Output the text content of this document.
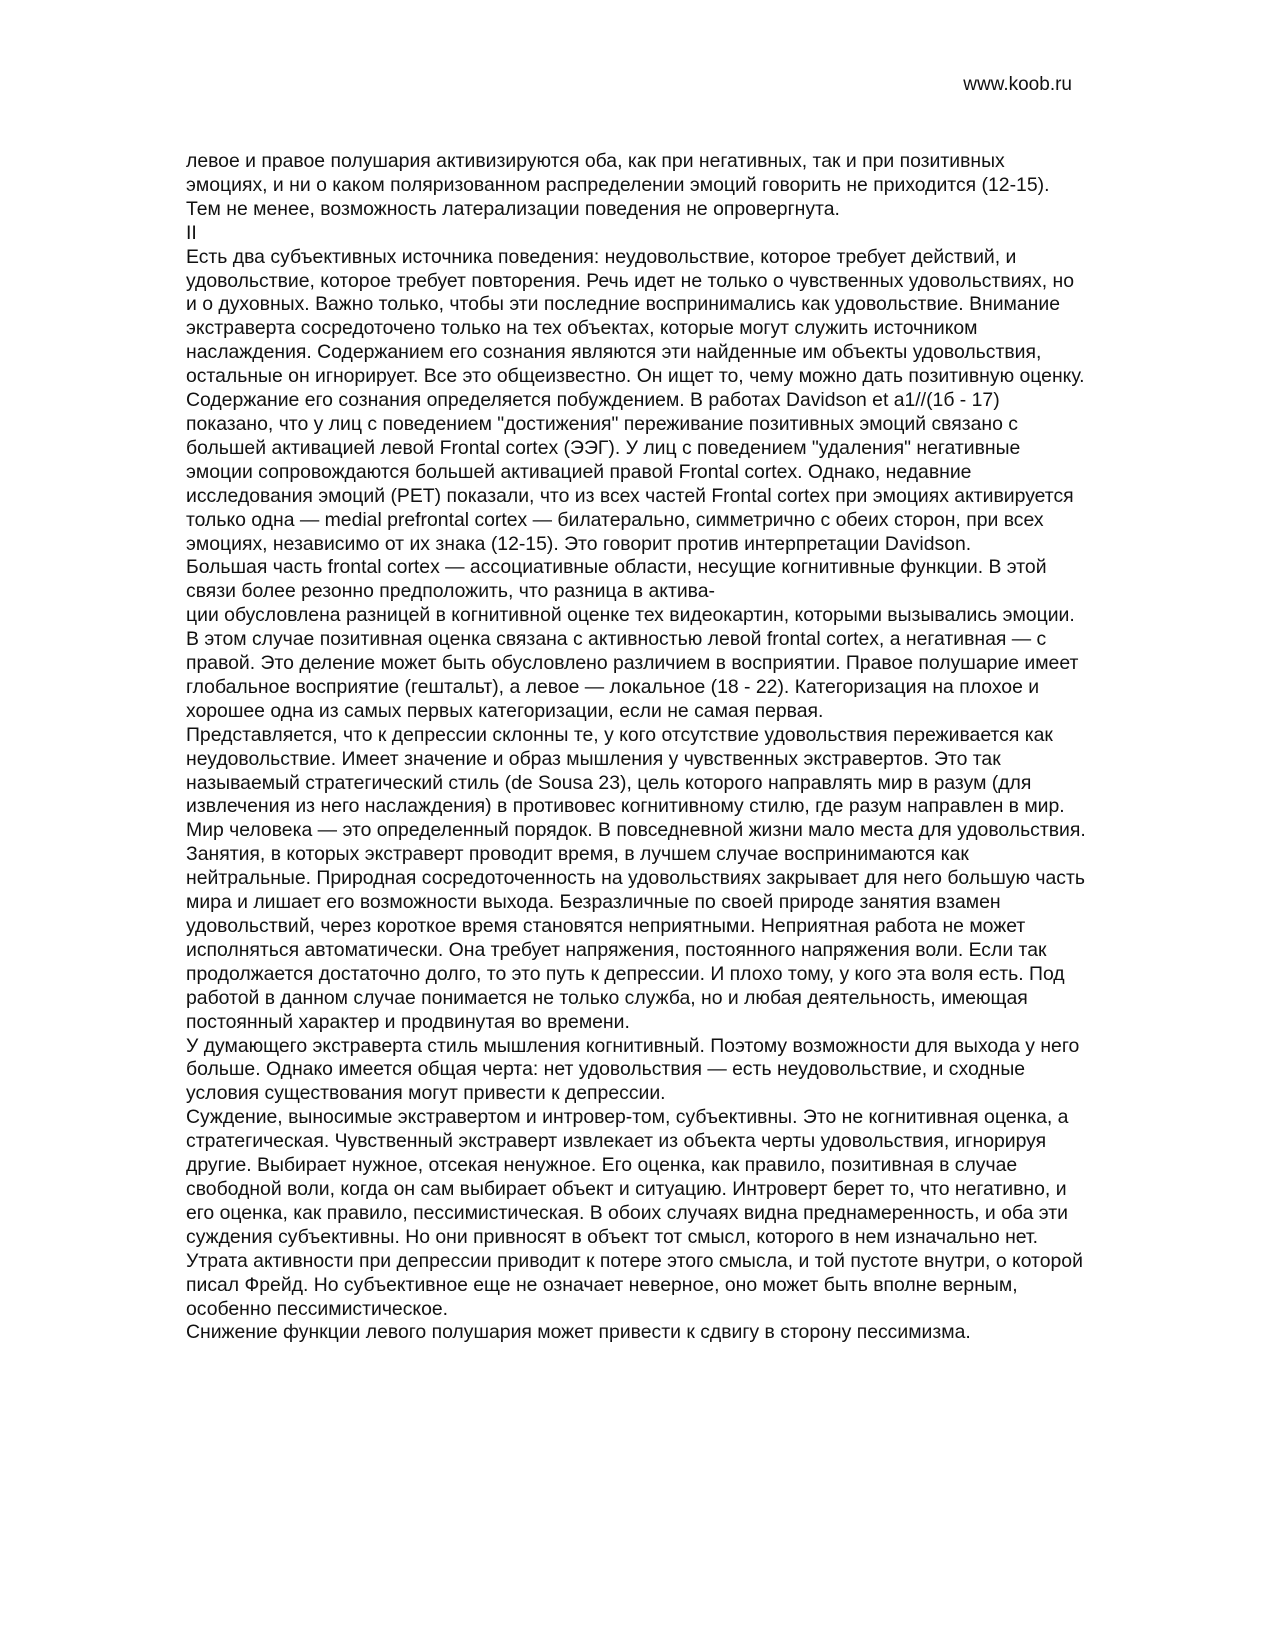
www.koob.ru

левое и правое полушария активизируются оба, как при негативных, так и при позитивных эмоциях, и ни о каком поляризованном распределении эмоций говорить не приходится (12-15).

Тем не менее, возможность латерализации поведения не опровергнута.

II

Есть два субъективных источника поведения: неудовольствие, которое требует действий, и удовольствие, которое требует повторения. Речь идет не только о чувственных удовольствиях, но и о духовных. Важно только, чтобы эти последние воспринимались как удовольствие. Внимание экстраверта сосредоточено только на тех объектах, которые могут служить источником наслаждения. Содержанием его сознания являются эти найденные им объекты удовольствия, остальные он игнорирует. Все это общеизвестно. Он ищет то, чему можно дать позитивную оценку. Содержание его сознания определяется побуждением. В работах Davidson et a1//(1б - 17) показано, что у лиц с поведением "достижения" переживание позитивных эмоций связано с большей активацией левой Frontal cortex (ЭЭГ). У лиц с поведением "удаления" негативные эмоции сопровождаются большей активацией правой Frontal cortex. Однако, недавние исследования эмоций (PET) показали, что из всех частей Frontal cortex при эмоциях активируется только одна — medial prefrontal cortex — билатерально, симметрично с обеих сторон, при всех эмоциях, независимо от их знака (12-15). Это говорит против интерпретации Davidson.

Большая часть frontal cortex — ассоциативные области, несущие когнитивные функции. В этой связи более резонно предположить, что разница в актива-

ции обусловлена разницей в когнитивной оценке тех видеокартин, которыми вызывались эмоции. В этом случае позитивная оценка связана с активностью левой frontal cortex, а негативная — с правой. Это деление может быть обусловлено различием в восприятии. Правое полушарие имеет глобальное восприятие (гештальт), а левое — локальное (18 - 22). Категоризация на плохое и хорошее одна из самых первых категоризации, если не самая первая.

Представляется, что к депрессии склонны те, у кого отсутствие удовольствия переживается как неудовольствие. Имеет значение и образ мышления у чувственных экстравертов. Это так называемый стратегический стиль (de Sousa 23), цель которого направлять мир в разум (для извлечения из него наслаждения) в противовес когнитивному стилю, где разум направлен в мир.

Мир человека — это определенный порядок. В повседневной жизни мало места для удовольствия. Занятия, в которых экстраверт проводит время, в лучшем случае воспринимаются как нейтральные. Природная сосредоточенность на удовольствиях закрывает для него большую часть мира и лишает его возможности выхода. Безразличные по своей природе занятия взамен удовольствий, через короткое время становятся неприятными. Неприятная работа не может исполняться автоматически. Она требует напряжения, постоянного напряжения воли. Если так продолжается достаточно долго, то это путь к депрессии. И плохо тому, у кого эта воля есть. Под работой в данном случае понимается не только служба, но и любая деятельность, имеющая постоянный характер и продвинутая во времени.

У думающего экстраверта стиль мышления когнитивный. Поэтому возможности для выхода у него больше. Однако имеется общая черта: нет удовольствия — есть неудовольствие, и сходные условия существования могут привести к депрессии.

Суждение, выносимые экстравертом и интровер-том, субъективны. Это не когнитивная оценка, а стратегическая. Чувственный экстраверт извлекает из объекта черты удовольствия, игнорируя другие. Выбирает нужное, отсекая ненужное. Его оценка, как правило, позитивная в случае свободной воли, когда он сам выбирает объект и ситуацию. Интроверт берет то, что негативно, и его оценка, как правило, пессимистическая. В обоих случаях видна преднамеренность, и оба эти суждения субъективны. Но они привносят в объект тот смысл, которого в нем изначально нет. Утрата активности при депрессии приводит к потере этого смысла, и той пустоте внутри, о которой писал Фрейд. Но субъективное еще не означает неверное, оно может быть вполне верным, особенно пессимистическое.

Снижение функции левого полушария может привести к сдвигу в сторону пессимизма.
